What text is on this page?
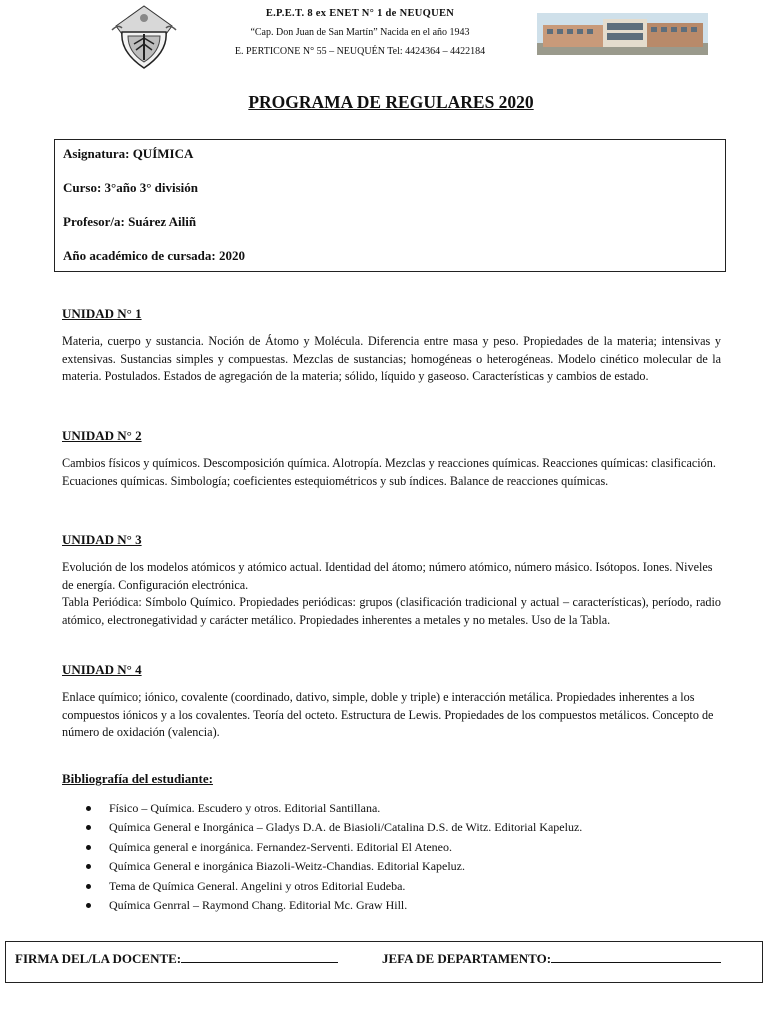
E.P.E.T. 8 ex ENET N° 1 de NEUQUEN
“Cap. Don Juan de San Martín” Nacida en el año 1943
E. PERTICONE N° 55 – NEUQUÉN Tel: 4424364 – 4422184
PROGRAMA DE REGULARES 2020
Asignatura: QUÍMICA
Curso: 3°año 3° división
Profesor/a: Suárez Ailiñ
Año académico de cursada: 2020

UNIDAD N° 1

Materia, cuerpo y sustancia. Noción de Átomo y Molécula. Diferencia entre masa y peso. Propiedades de la materia; intensivas y extensivas. Sustancias simples y compuestas. Mezclas de sustancias; homogéneas o heterogéneas. Modelo cinético molecular de la materia. Postulados. Estados de agregación de la materia; sólido, líquido y gaseoso. Características y cambios de estado.

UNIDAD N° 2

Cambios físicos y químicos. Descomposición química. Alotropía. Mezclas y reacciones químicas. Reacciones químicas: clasificación. Ecuaciones químicas. Simbología; coeficientes estequiométricos y sub índices. Balance de reacciones químicas.

UNIDAD N° 3

Evolución de los modelos atómicos y atómico actual. Identidad del átomo; número atómico, número másico. Isótopos. Iones. Niveles de energía. Configuración electrónica.

Tabla Periódica: Símbolo Químico. Propiedades periódicas: grupos (clasificación tradicional y actual – características), período, radio atómico, electronegatividad y carácter metálico. Propiedades inherentes a metales y no metales. Uso de la Tabla.

UNIDAD N° 4

Enlace químico; iónico, covalente (coordinado, dativo, simple, doble y triple) e interacción metálica. Propiedades inherentes a los compuestos iónicos y a los covalentes. Teoría del octeto. Estructura de Lewis. Propiedades de los compuestos metálicos. Concepto de número de oxidación (valencia).

Bibliografía del estudiante:
Físico – Química. Escudero y otros. Editorial Santillana.
Química General e Inorgánica – Gladys D.A. de Biasioli/Catalina D.S. de Witz. Editorial Kapeluz.
Química general e inorgánica. Fernandez-Serventi. Editorial El Ateneo.
Química General e inorgánica Biazoli-Weitz-Chandias. Editorial Kapeluz.
Tema de Química General. Angelini y otros Editorial Eudeba.
Química Genrral – Raymond Chang. Editorial Mc. Graw Hill.
FIRMA DEL/LA DOCENTE:	JEFA DE DEPARTAMENTO:
